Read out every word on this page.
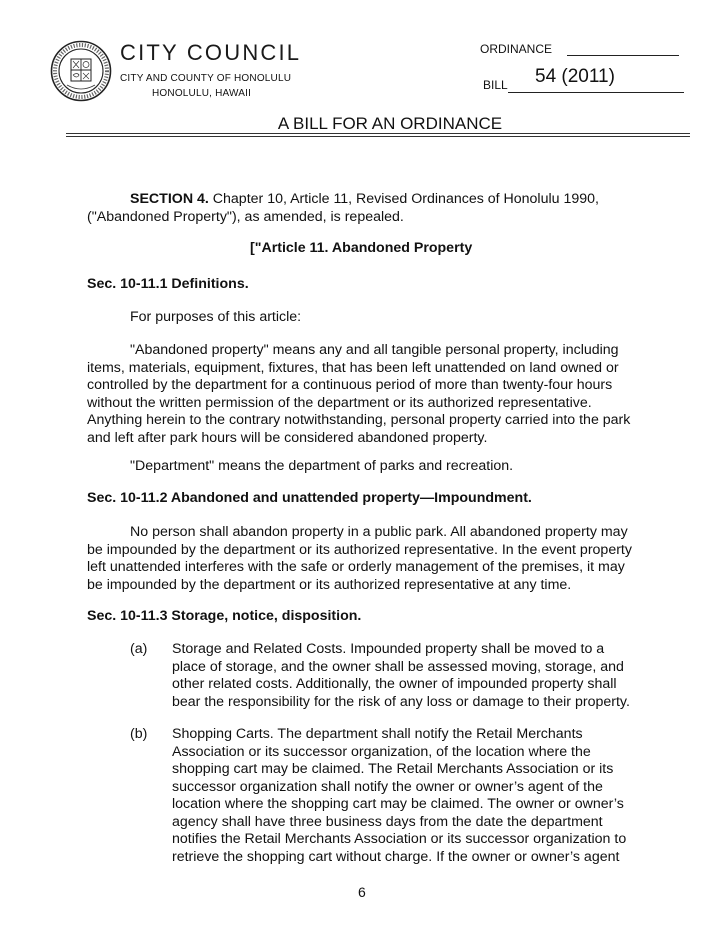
CITY COUNCIL
CITY AND COUNTY OF HONOLULU
HONOLULU, HAWAII
ORDINANCE
BILL 54 (2011)
A BILL FOR AN ORDINANCE
SECTION 4. Chapter 10, Article 11, Revised Ordinances of Honolulu 1990,
("Abandoned Property"), as amended, is repealed.
["Article 11. Abandoned Property
Sec. 10-11.1 Definitions.
For purposes of this article:
"Abandoned property" means any and all tangible personal property, including
items, materials, equipment, fixtures, that has been left unattended on land owned or
controlled by the department for a continuous period of more than twenty-four hours
without the written permission of the department or its authorized representative.
Anything herein to the contrary notwithstanding, personal property carried into the park
and left after park hours will be considered abandoned property.
"Department" means the department of parks and recreation.
Sec. 10-11.2 Abandoned and unattended property—Impoundment.
No person shall abandon property in a public park. All abandoned property may
be impounded by the department or its authorized representative. In the event property
left unattended interferes with the safe or orderly management of the premises, it may
be impounded by the department or its authorized representative at any time.
Sec. 10-11.3 Storage, notice, disposition.
(a) Storage and Related Costs. Impounded property shall be moved to a
place of storage, and the owner shall be assessed moving, storage, and
other related costs. Additionally, the owner of impounded property shall
bear the responsibility for the risk of any loss or damage to their property.
(b) Shopping Carts. The department shall notify the Retail Merchants
Association or its successor organization, of the location where the
shopping cart may be claimed. The Retail Merchants Association or its
successor organization shall notify the owner or owner’s agent of the
location where the shopping cart may be claimed. The owner or owner’s
agency shall have three business days from the date the department
notifies the Retail Merchants Association or its successor organization to
retrieve the shopping cart without charge. If the owner or owner’s agent
6
